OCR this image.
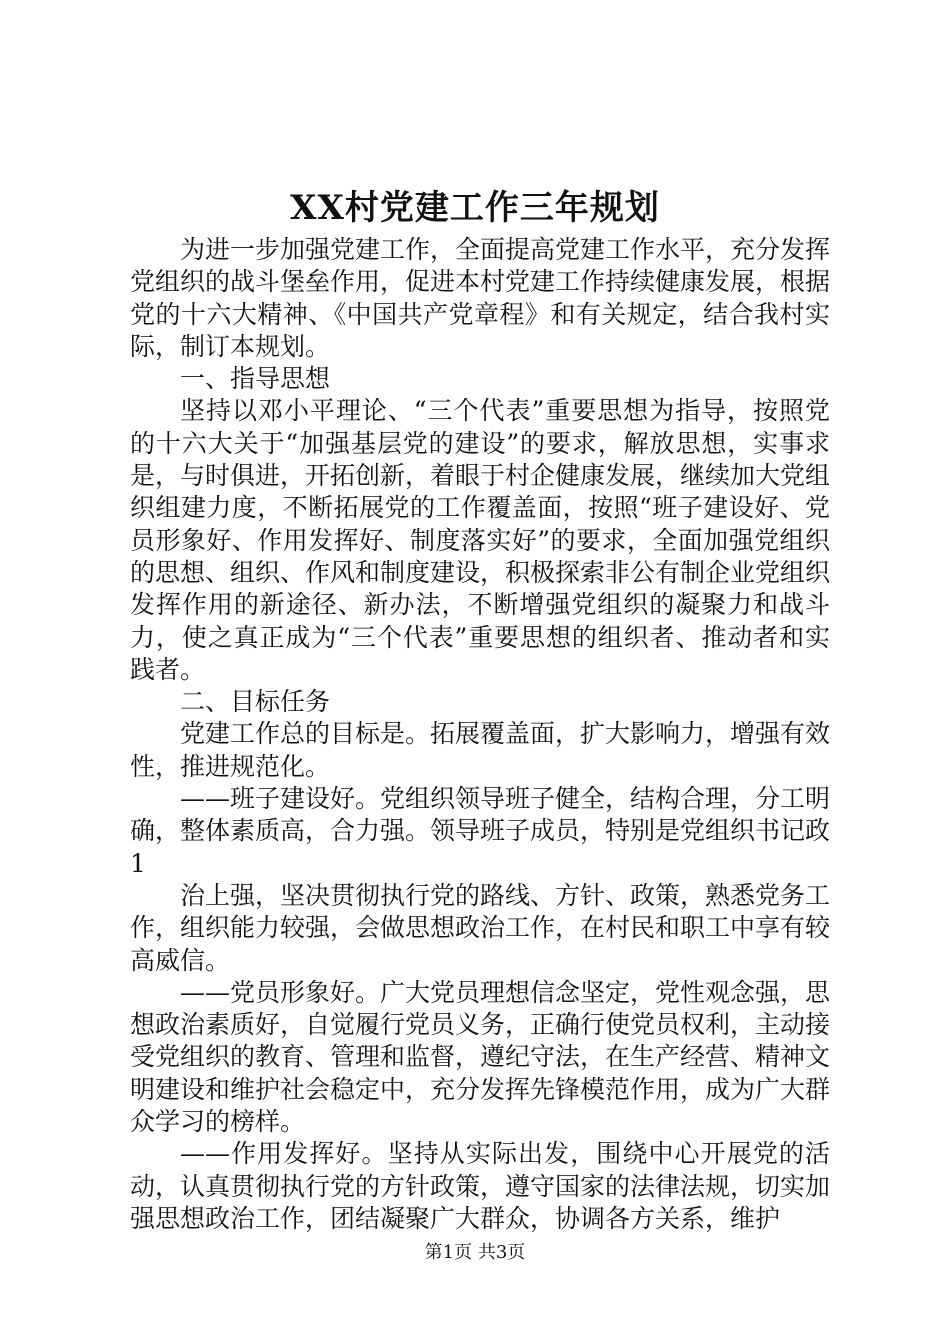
XX村党建工作三年规划

为进一步加强党建工作，全面提高党建工作水平，充分发挥党组织的战斗堡垒作用，促进本村党建工作持续健康发展，根据党的十六大精神、《中国共产党章程》和有关规定，结合我村实际，制订本规划。

一、指导思想

坚持以邓小平理论、“三个代表”重要思想为指导，按照党的十六大关于“加强基层党的建设”的要求，解放思想，实事求是，与时俱进，开拓创新，着眼于村企健康发展，继续加大党组织组建力度，不断拓展党的工作覆盖面，按照“班子建设好、党员形象好、作用发挥好、制度落实好”的要求，全面加强党组织的思想、组织、作风和制度建设，积极探索非公有制企业党组织发挥作用的新途径、新办法，不断增强党组织的凝聚力和战斗力，使之真正成为“三个代表”重要思想的组织者、推动者和实践者。

二、目标任务

党建工作总的目标是。拓展覆盖面，扩大影响力，增强有效性，推进规范化。

——班子建设好。党组织领导班子健全，结构合理，分工明确，整体素质高，合力强。领导班子成员，特别是党组织书记政1

治上强，坚决贯彻执行党的路线、方针、政策，熟悉党务工作，组织能力较强，会做思想政治工作，在村民和职工中享有较高威信。

——党员形象好。广大党员理想信念坚定，党性观念强，思想政治素质好，自觉履行党员义务，正确行使党员权利，主动接受党组织的教育、管理和监督，遵纪守法，在生产经营、精神文明建设和维护社会稳定中，充分发挥先锋模范作用，成为广大群众学习的榜样。

——作用发挥好。坚持从实际出发，围绕中心开展党的活动，认真贯彻执行党的方针政策，遵守国家的法律法规，切实加强思想政治工作，团结凝聚广大群众，协调各方关系，维护

第1页 共3页
